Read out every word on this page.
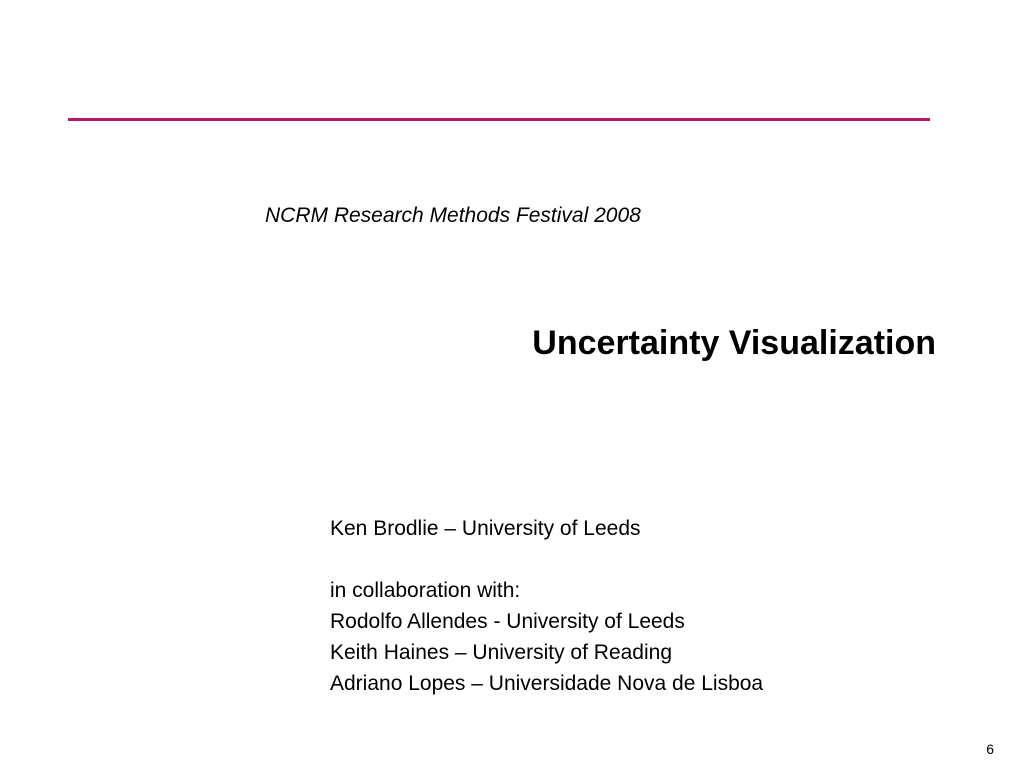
NCRM Research Methods Festival 2008
Uncertainty Visualization
Ken Brodlie – University of Leeds
in collaboration with:
Rodolfo Allendes - University of Leeds
Keith Haines – University of Reading
Adriano Lopes – Universidade Nova de Lisboa
6
